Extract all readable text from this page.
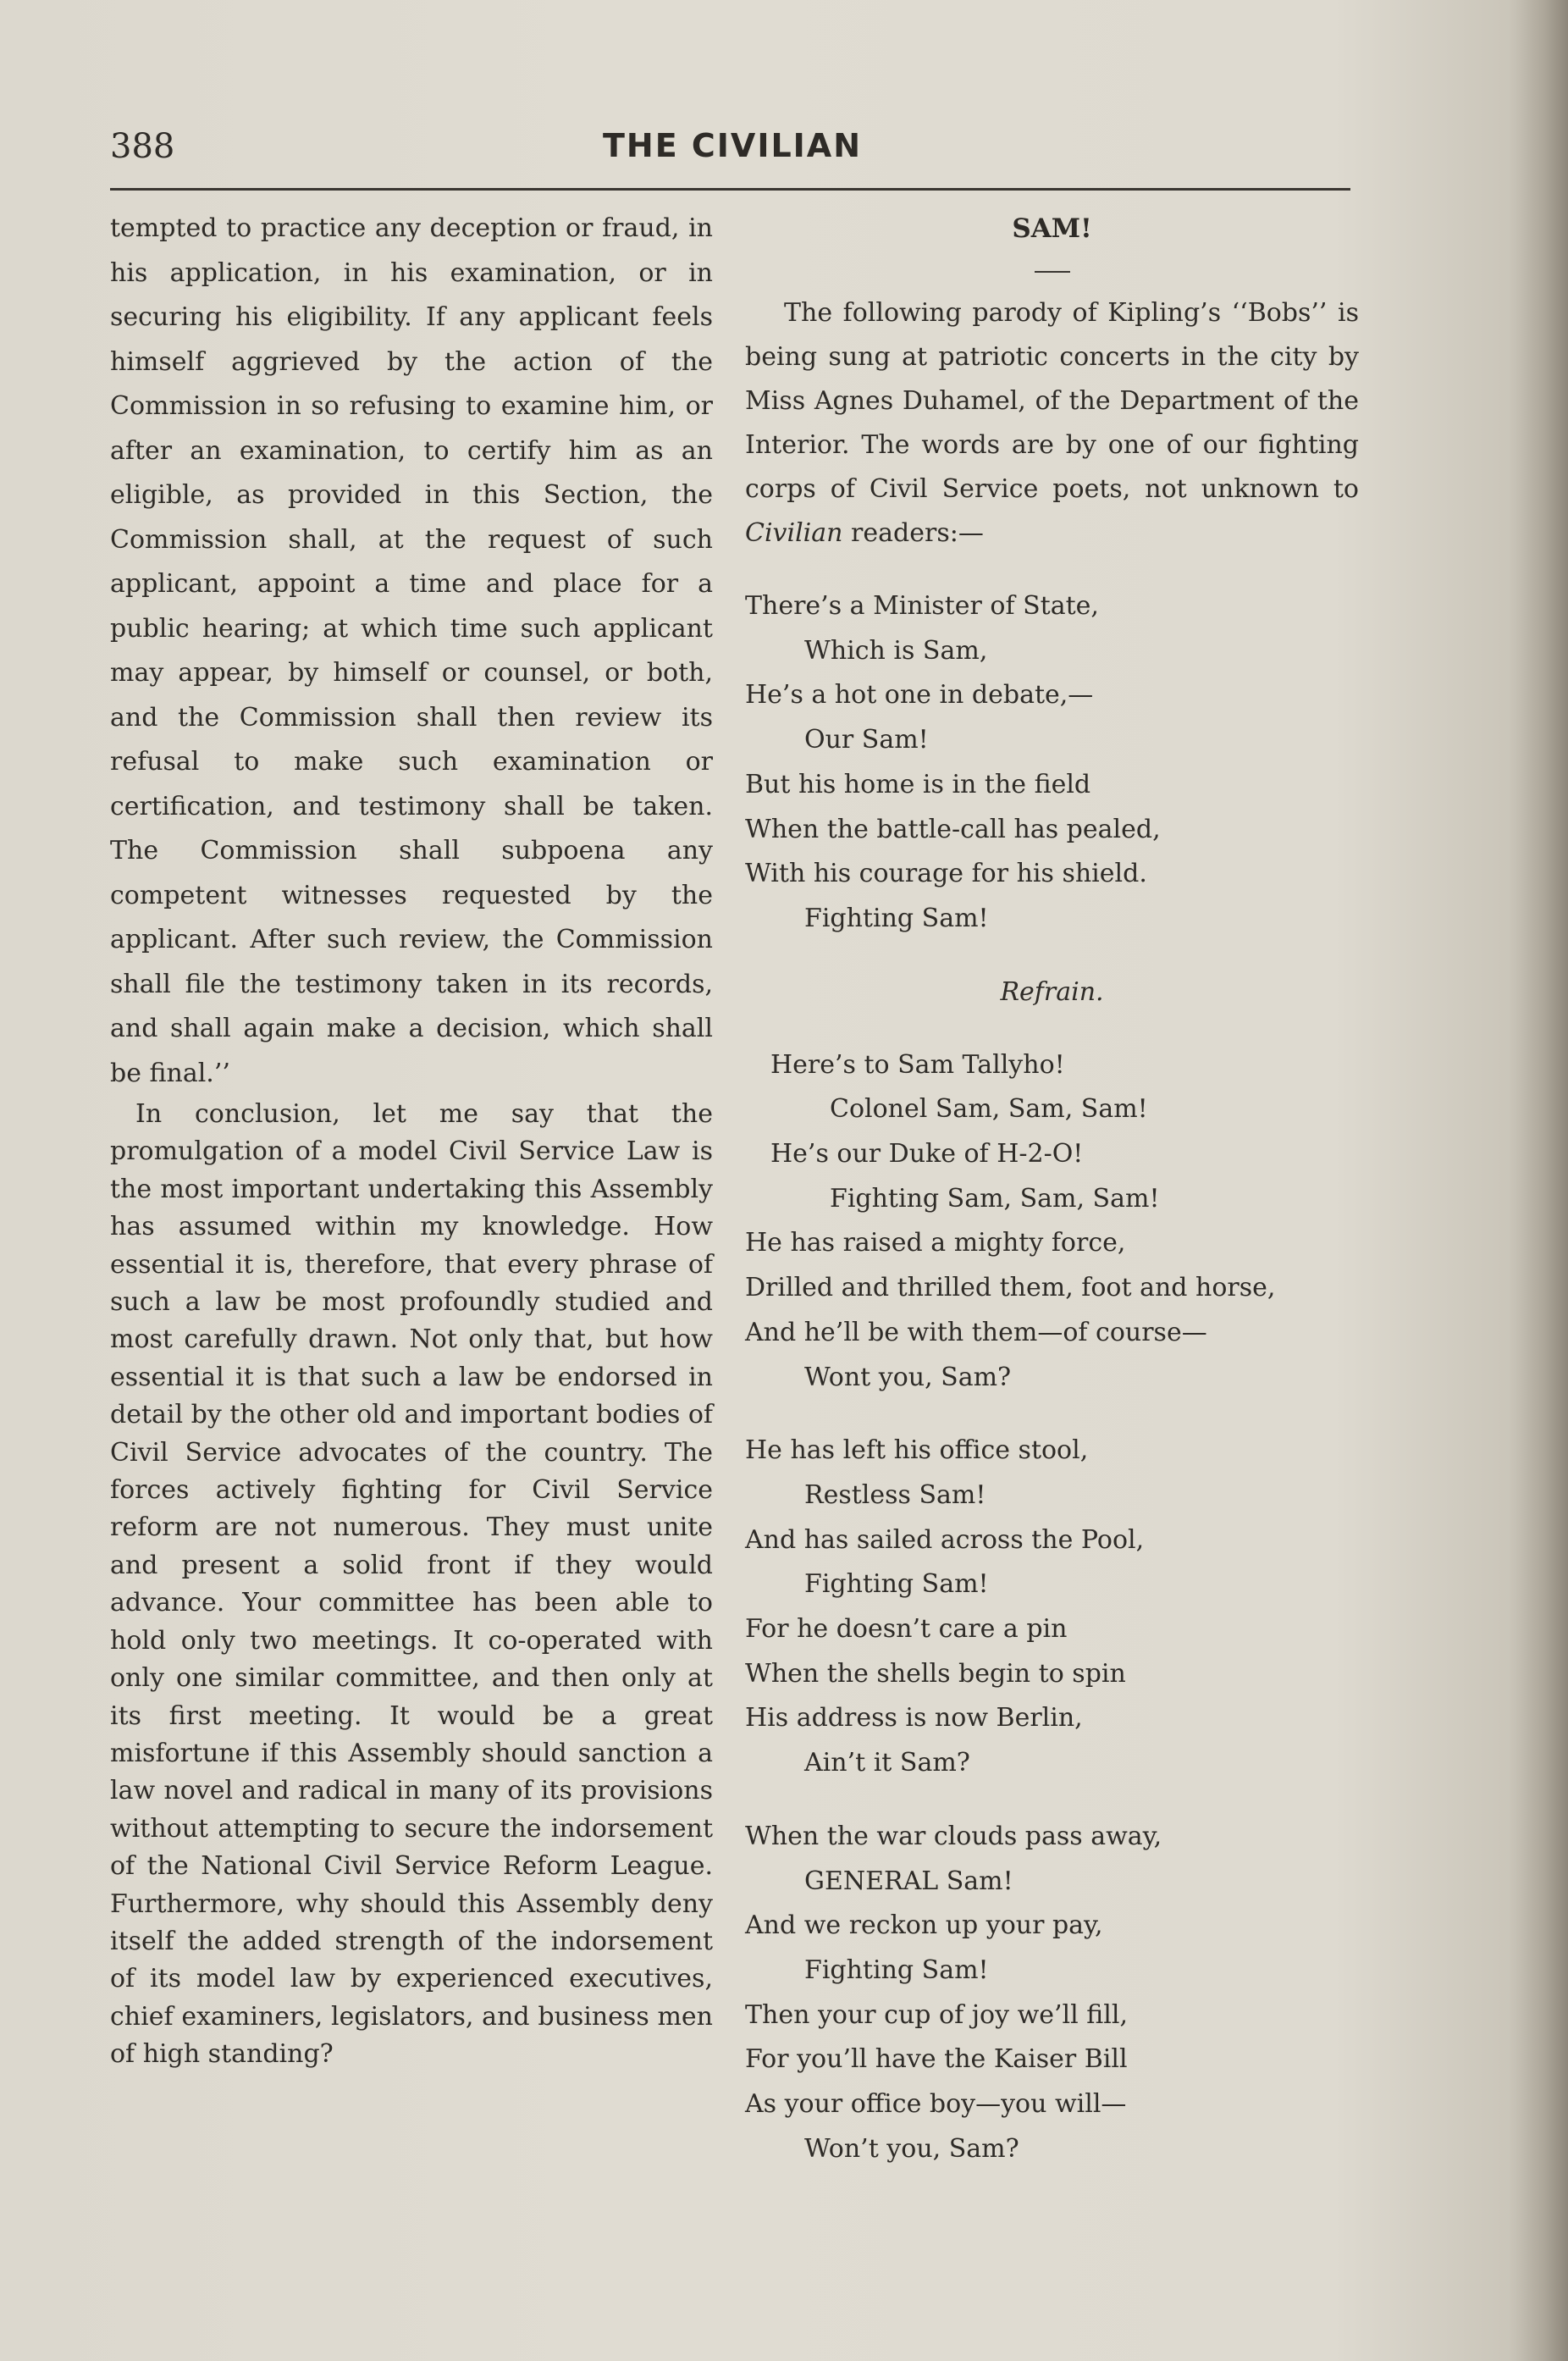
388	THE CIVILIAN

tempted to practice any deception or fraud, in his application, in his examination, or in securing his eligibility. If any applicant feels himself aggrieved by the action of the Commission in so refusing to examine him, or after an examination, to certify him as an eligible, as provided in this Section, the Commission shall, at the request of such applicant, appoint a time and place for a public hearing; at which time such applicant may appear, by himself or counsel, or both, and the Commission shall then review its refusal to make such examination or certification, and testimony shall be taken. The Commission shall subpoena any competent witnesses requested by the applicant. After such review, the Commission shall file the testimony taken in its records, and shall again make a decision, which shall be final.’’

In conclusion, let me say that the promulgation of a model Civil Service Law is the most important undertaking this Assembly has assumed within my knowledge. How essential it is, therefore, that every phrase of such a law be most profoundly studied and most carefully drawn. Not only that, but how essential it is that such a law be endorsed in detail by the other old and important bodies of Civil Service advocates of the country. The forces actively fighting for Civil Service reform are not numerous. They must unite and present a solid front if they would advance. Your committee has been able to hold only two meetings. It co-operated with only one similar committee, and then only at its first meeting. It would be a great misfortune if this Assembly should sanction a law novel and radical in many of its provisions without attempting to secure the indorsement of the National Civil Service Reform League. Furthermore, why should this Assembly deny itself the added strength of the indorsement of its model law by experienced executives, chief examiners, legislators, and business men of high standing?

SAM!

The following parody of Kipling’s ‘‘Bobs’’ is being sung at patriotic concerts in the city by Miss Agnes Duhamel, of the Department of the Interior. The words are by one of our fighting corps of Civil Service poets, not unknown to Civilian readers:—

There’s a Minister of State,
Which is Sam,
He’s a hot one in debate,—
Our Sam!
But his home is in the field
When the battle-call has pealed,
With his courage for his shield.
Fighting Sam!
Refrain.
Here’s to Sam Tallyho!
Colonel Sam, Sam, Sam!
He’s our Duke of H-2-O!
Fighting Sam, Sam, Sam!
He has raised a mighty force,
Drilled and thrilled them, foot and horse,
And he’ll be with them—of course—
Wont you, Sam?
He has left his office stool,
Restless Sam!
And has sailed across the Pool,
Fighting Sam!
For he doesn’t care a pin
When the shells begin to spin
His address is now Berlin,
Ain’t it Sam?
When the war clouds pass away,
GENERAL Sam!
And we reckon up your pay,
Fighting Sam!
Then your cup of joy we’ll fill,
For you’ll have the Kaiser Bill
As your office boy—you will—
Won’t you, Sam?
